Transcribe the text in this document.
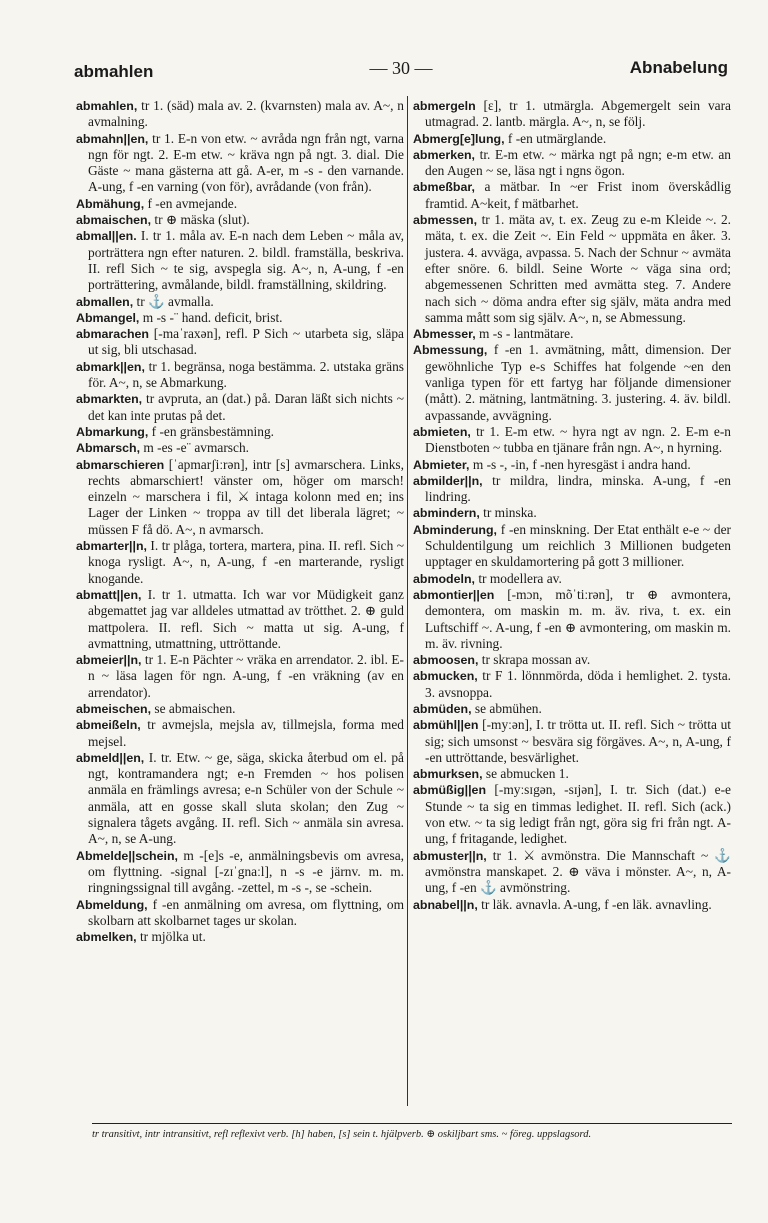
abmahlen	— 30 —	Abnabelung

abmahlen, tr 1. (säd) mala av. 2. (kvarnsten) mala av. A~, n avmalning.

abmahn||en, tr 1. E-n von etw. ~ avråda ngn från ngt, varna ngn för ngt. 2. E-m etw. ~ kräva ngn på ngt. 3. dial. Die Gäste ~ mana gästerna att gå. A-er, m -s - den varnande. A-ung, f -en varning (von för), avrådande (von från).

Abmähung, f -en avmejande.

abmaischen, tr ⊕ mäska (slut).

abmal||en. I. tr 1. måla av. E-n nach dem Leben ~ måla av, porträttera ngn efter naturen. 2. bildl. framställa, beskriva. II. refl Sich ~ te sig, avspegla sig. A~, n, A-ung, f -en porträttering, avmålande, bildl. framställning, skildring.

abmallen, tr ⚓ avmalla.

Abmangel, m -s -¨ hand. deficit, brist.

abmarachen [-maˈraxən], refl. P Sich ~ utarbeta sig, släpa ut sig, bli utschasad.

abmark||en, tr 1. begränsa, noga bestämma. 2. utstaka gräns för. A~, n, se Abmarkung.

abmarkten, tr avpruta, an (dat.) på. Daran läßt sich nichts ~ det kan inte prutas på det.

Abmarkung, f -en gränsbestämning.

Abmarsch, m -es -e¨ avmarsch.

abmarschieren [ˈapmarʃiːrən], intr [s] avmarschera. Links, rechts abmarschiert! vänster om, höger om marsch! einzeln ~ marschera i fil, ⚔ intaga kolonn med en; ins Lager der Linken ~ troppa av till det liberala lägret; ~ müssen F få dö. A~, n avmarsch.

abmarter||n, I. tr plåga, tortera, martera, pina. II. refl. Sich ~ knoga rysligt. A~, n, A-ung, f -en marterande, rysligt knogande.

abmatt||en, I. tr 1. utmatta. Ich war vor Müdigkeit ganz abgemattet jag var alldeles utmattad av trötthet. 2. ⊕ guld mattpolera. II. refl. Sich ~ matta ut sig. A-ung, f avmattning, utmattning, uttröttande.

abmeier||n, tr 1. E-n Pächter ~ vräka en arrendator. 2. ibl. E-n ~ läsa lagen för ngn. A-ung, f -en vräkning (av en arrendator).

abmeischen, se abmaischen.

abmeißeln, tr avmejsla, mejsla av, tillmejsla, forma med mejsel.

abmeld||en, I. tr. Etw. ~ ge, säga, skicka återbud om el. på ngt, kontramandera ngt; e-n Fremden ~ hos polisen anmäla en främlings avresa; e-n Schüler von der Schule ~ anmäla, att en gosse skall sluta skolan; den Zug ~ signalera tågets avgång. II. refl. Sich ~ anmäla sin avresa. A~, n, se A-ung.

Abmelde||schein, m -[e]s -e, anmälningsbevis om avresa, om flyttning. -signal [-zɪˈgnaːl], n -s -e järnv. m. m. ringningssignal till avgång. -zettel, m -s -, se -schein.

Abmeldung, f -en anmälning om avresa, om flyttning, om skolbarn att skolbarnet tages ur skolan.

abmelken, tr mjölka ut.

abmergeln [ɛ], tr 1. utmärgla. Abgemergelt sein vara utmagrad. 2. lantb. märgla. A~, n, se följ.

Abmerg[e]lung, f -en utmärglande.

abmerken, tr. E-m etw. ~ märka ngt på ngn; e-m etw. an den Augen ~ se, läsa ngt i ngns ögon.

abmeßbar, a mätbar. In ~er Frist inom överskådlig framtid. A~keit, f mätbarhet.

abmessen, tr 1. mäta av, t. ex. Zeug zu e-m Kleide ~. 2. mäta, t. ex. die Zeit ~. Ein Feld ~ uppmäta en åker. 3. justera. 4. avväga, avpassa. 5. Nach der Schnur ~ avmäta efter snöre. 6. bildl. Seine Worte ~ väga sina ord; abgemessenen Schritten med avmätta steg. 7. Andere nach sich ~ döma andra efter sig själv, mäta andra med samma mått som sig själv. A~, n, se Abmessung.

Abmesser, m -s - lantmätare.

Abmessung, f -en 1. avmätning, mått, dimension. Der gewöhnliche Typ e-s Schiffes hat folgende ~en den vanliga typen för ett fartyg har följande dimensioner (mått). 2. mätning, lantmätning. 3. justering. 4. äv. bildl. avpassande, avvägning.

abmieten, tr 1. E-m etw. ~ hyra ngt av ngn. 2. E-m e-n Dienstboten ~ tubba en tjänare från ngn. A~, n hyrning.

Abmieter, m -s -, -in, f -nen hyresgäst i andra hand.

abmilder||n, tr mildra, lindra, minska. A-ung, f -en lindring.

abmindern, tr minska.

Abminderung, f -en minskning. Der Etat enthält e-e ~ der Schuldentilgung um reichlich 3 Millionen budgeten upptager en skuldamortering på gott 3 millioner.

abmodeln, tr modellera av.

abmontier||en [-mɔn, mõˈtiːrən], tr ⊕ avmontera, demontera, om maskin m. m. äv. riva, t. ex. ein Luftschiff ~. A-ung, f -en ⊕ avmontering, om maskin m. m. äv. rivning.

abmoosen, tr skrapa mossan av.

abmucken, tr F 1. lönnmörda, döda i hemlighet. 2. tysta. 3. avsnoppa.

abmüden, se abmühen.

abmühl||en [-myːən], I. tr trötta ut. II. refl. Sich ~ trötta ut sig; sich umsonst ~ besvära sig förgäves. A~, n, A-ung, f -en uttröttande, besvärlighet.

abmurksen, se abmucken 1.

abmüßig||en [-myːsɪgən, -sɪjən], I. tr. Sich (dat.) e-e Stunde ~ ta sig en timmas ledighet. II. refl. Sich (ack.) von etw. ~ ta sig ledigt från ngt, göra sig fri från ngt. A-ung, f fritagande, ledighet.

abmuster||n, tr 1. ⚔ avmönstra. Die Mannschaft ~ ⚓ avmönstra manskapet. 2. ⊕ väva i mönster. A~, n, A-ung, f -en ⚓ avmönstring.

abnabel||n, tr läk. avnavla. A-ung, f -en läk. avnavling.

tr transitivt, intr intransitivt, refl reflexivt verb. [h] haben, [s] sein t. hjälpverb. ⊕ oskiljbart sms. ~ föreg. uppslagsord.
